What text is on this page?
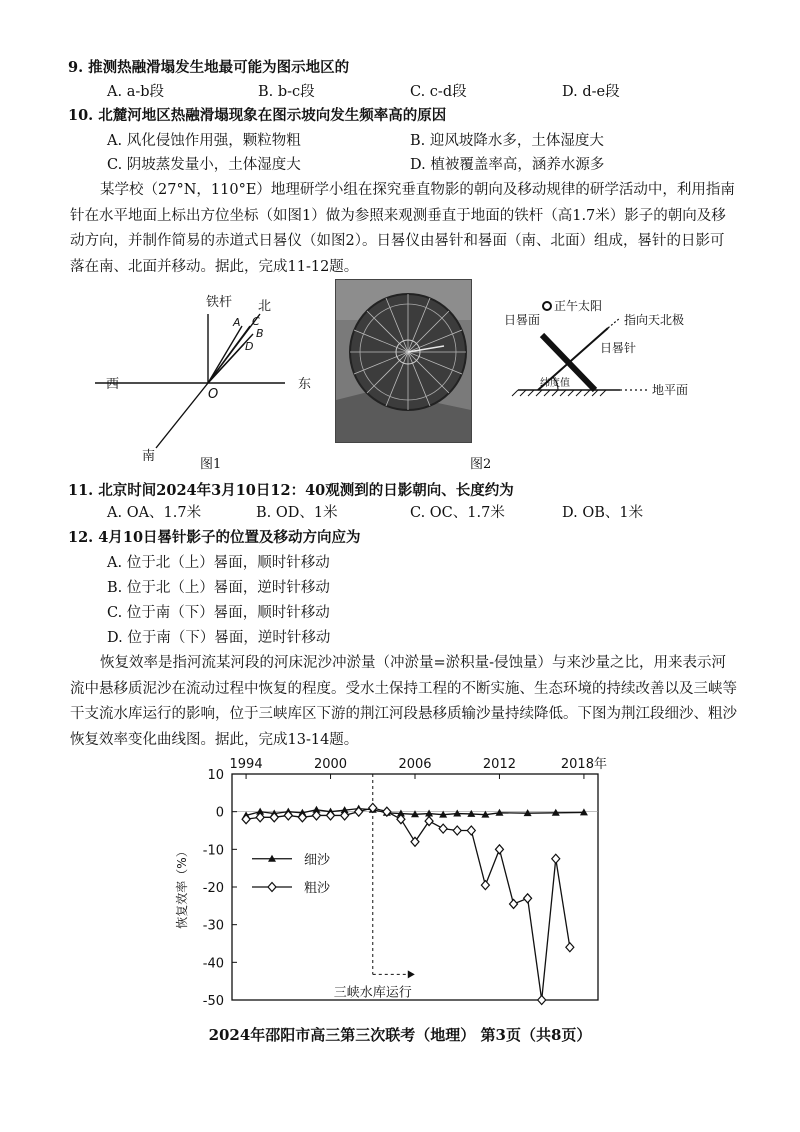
9. 推测热融滑塌发生地最可能为图示地区的
A. a-b段	B. b-c段	C. c-d段	D. d-e段
10. 北麓河地区热融滑塌现象在图示坡向发生频率高的原因
A. 风化侵蚀作用强，颗粒物粗	B. 迎风坡降水多，土体湿度大
C. 阴坡蒸发量小，土体湿度大	D. 植被覆盖率高，涵养水源多
某学校（27°N，110°E）地理研学小组在探究垂直物影的朝向及移动规律的研学活动中，利用指南针在水平地面上标出方位坐标（如图1）做为参照来观测垂直于地面的铁杆（高1.7米）影子的朝向及移动方向，并制作简易的赤道式日晷仪（如图2）。日晷仪由晷针和晷面（南、北面）组成，晷针的日影可落在南、北面并移动。据此，完成11-12题。
铁杆 北
南
东
西
O
A C
B
D
图1	图2
正午太阳
日晷面	指向天北极
日晷针
纬度值	地平面
11. 北京时间2024年3月10日12：40观测到的日影朝向、长度约为
A. OA、1.7米	B. OD、1米	C. OC、1.7米	D. OB、1米
12. 4月10日晷针影子的位置及移动方向应为
A. 位于北（上）晷面，顺时针移动
B. 位于北（上）晷面，逆时针移动
C. 位于南（下）晷面，顺时针移动
D. 位于南（下）晷面，逆时针移动
恢复效率是指河流某河段的河床泥沙冲淤量（冲淤量=淤积量-侵蚀量）与来沙量之比，用来表示河流中悬移质泥沙在流动过程中恢复的程度。受水土保持工程的不断实施、生态环境的持续改善以及三峡等干支流水库运行的影响，位于三峡库区下游的荆江河段悬移质输沙量持续降低。下图为荆江段细沙、粗沙恢复效率变化曲线图。据此，完成13-14题。
10
0
-10
-20
-30
-40
-50
1994	2000	2006	2012	2018年
恢复效率（%）
三峡水库运行
细沙
粗沙
2024年邵阳市高三第三次联考（地理） 第3页（共8页）
